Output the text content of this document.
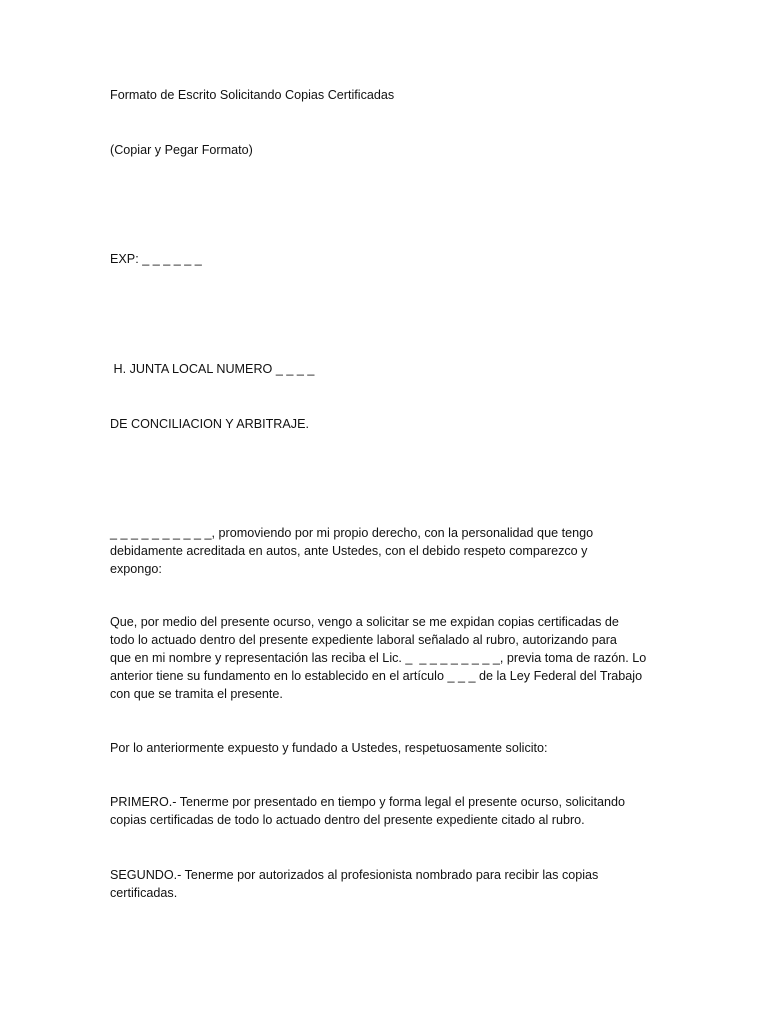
Formato de Escrito Solicitando Copias Certificadas
(Copiar y Pegar Formato)
EXP: _ _ _ _ _ _
H. JUNTA LOCAL NUMERO _ _ _ _
DE CONCILIACION Y ARBITRAJE.
_ _ _ _ _ _ _ _ _ _, promoviendo por mi propio derecho, con la personalidad que tengo
debidamente acreditada en autos, ante Ustedes, con el debido respeto comparezco y
expongo:
Que, por medio del presente ocurso, vengo a solicitar se me expidan copias certificadas de
todo lo actuado dentro del presente expediente laboral señalado al rubro, autorizando para
que en mi nombre y representación las reciba el Lic. _  _ _ _ _ _ _ _ _, previa toma de razón. Lo
anterior tiene su fundamento en lo establecido en el artículo _ _ _ de la Ley Federal del Trabajo
con que se tramita el presente.
Por lo anteriormente expuesto y fundado a Ustedes, respetuosamente solicito:
PRIMERO.- Tenerme por presentado en tiempo y forma legal el presente ocurso, solicitando
copias certificadas de todo lo actuado dentro del presente expediente citado al rubro.
SEGUNDO.- Tenerme por autorizados al profesionista nombrado para recibir las copias
certificadas.
